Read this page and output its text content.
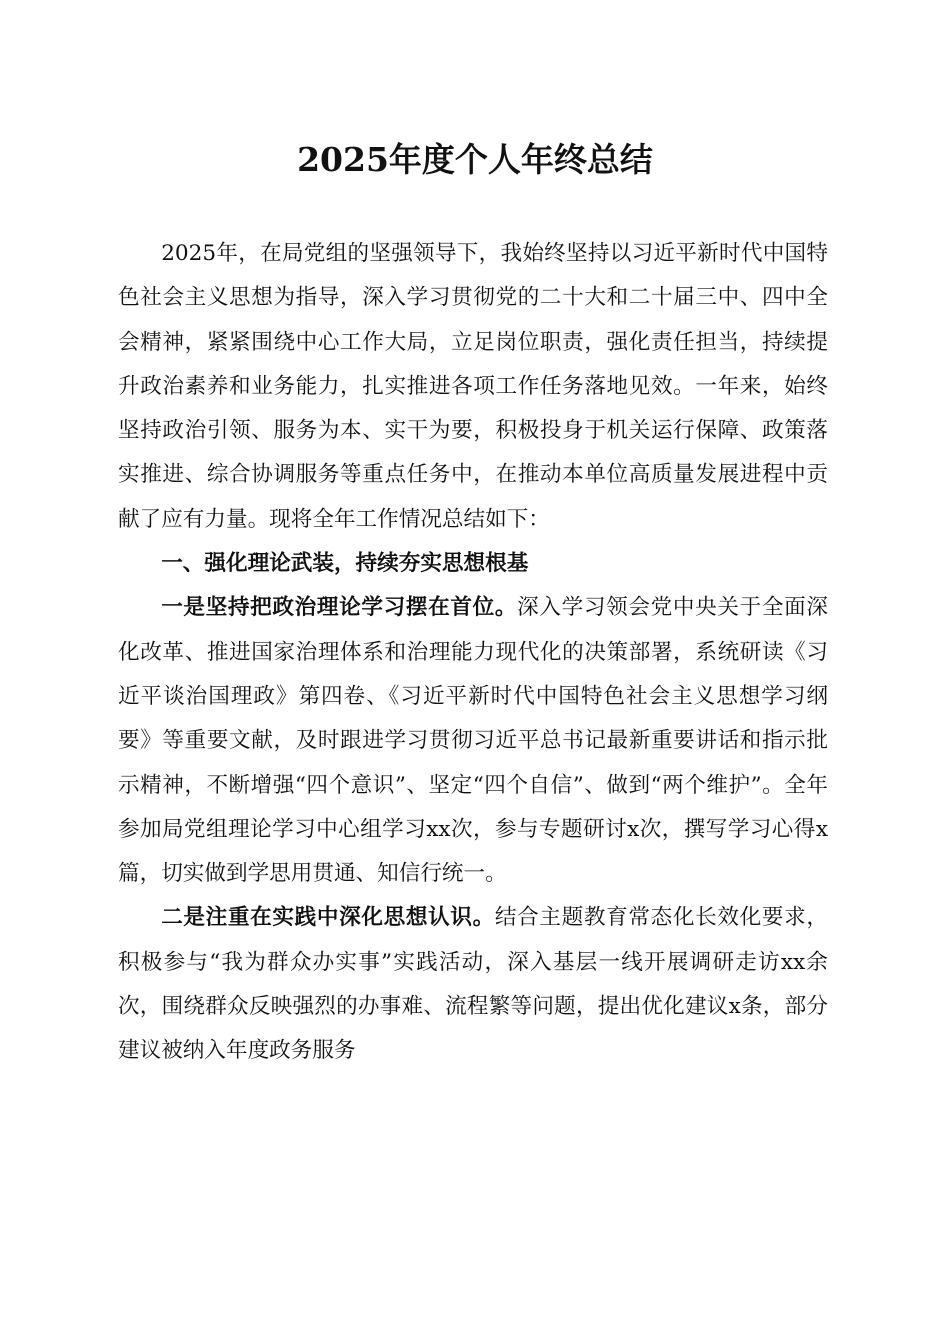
2025年度个人年终总结

2025年，在局党组的坚强领导下，我始终坚持以习近平新时代中国特色社会主义思想为指导，深入学习贯彻党的二十大和二十届三中、四中全会精神，紧紧围绕中心工作大局，立足岗位职责，强化责任担当，持续提升政治素养和业务能力，扎实推进各项工作任务落地见效。一年来，始终坚持政治引领、服务为本、实干为要，积极投身于机关运行保障、政策落实推进、综合协调服务等重点任务中，在推动本单位高质量发展进程中贡献了应有力量。现将全年工作情况总结如下：

一、强化理论武装，持续夯实思想根基

一是坚持把政治理论学习摆在首位。深入学习领会党中央关于全面深化改革、推进国家治理体系和治理能力现代化的决策部署，系统研读《习近平谈治国理政》第四卷、《习近平新时代中国特色社会主义思想学习纲要》等重要文献，及时跟进学习贯彻习近平总书记最新重要讲话和指示批示精神，不断增强“四个意识”、坚定“四个自信”、做到“两个维护”。全年参加局党组理论学习中心组学习xx次，参与专题研讨x次，撰写学习心得x篇，切实做到学思用贯通、知信行统一。

二是注重在实践中深化思想认识。结合主题教育常态化长效化要求，积极参与“我为群众办实事”实践活动，深入基层一线开展调研走访xx余次，围绕群众反映强烈的办事难、流程繁等问题，提出优化建议x条，部分建议被纳入年度政务服务
